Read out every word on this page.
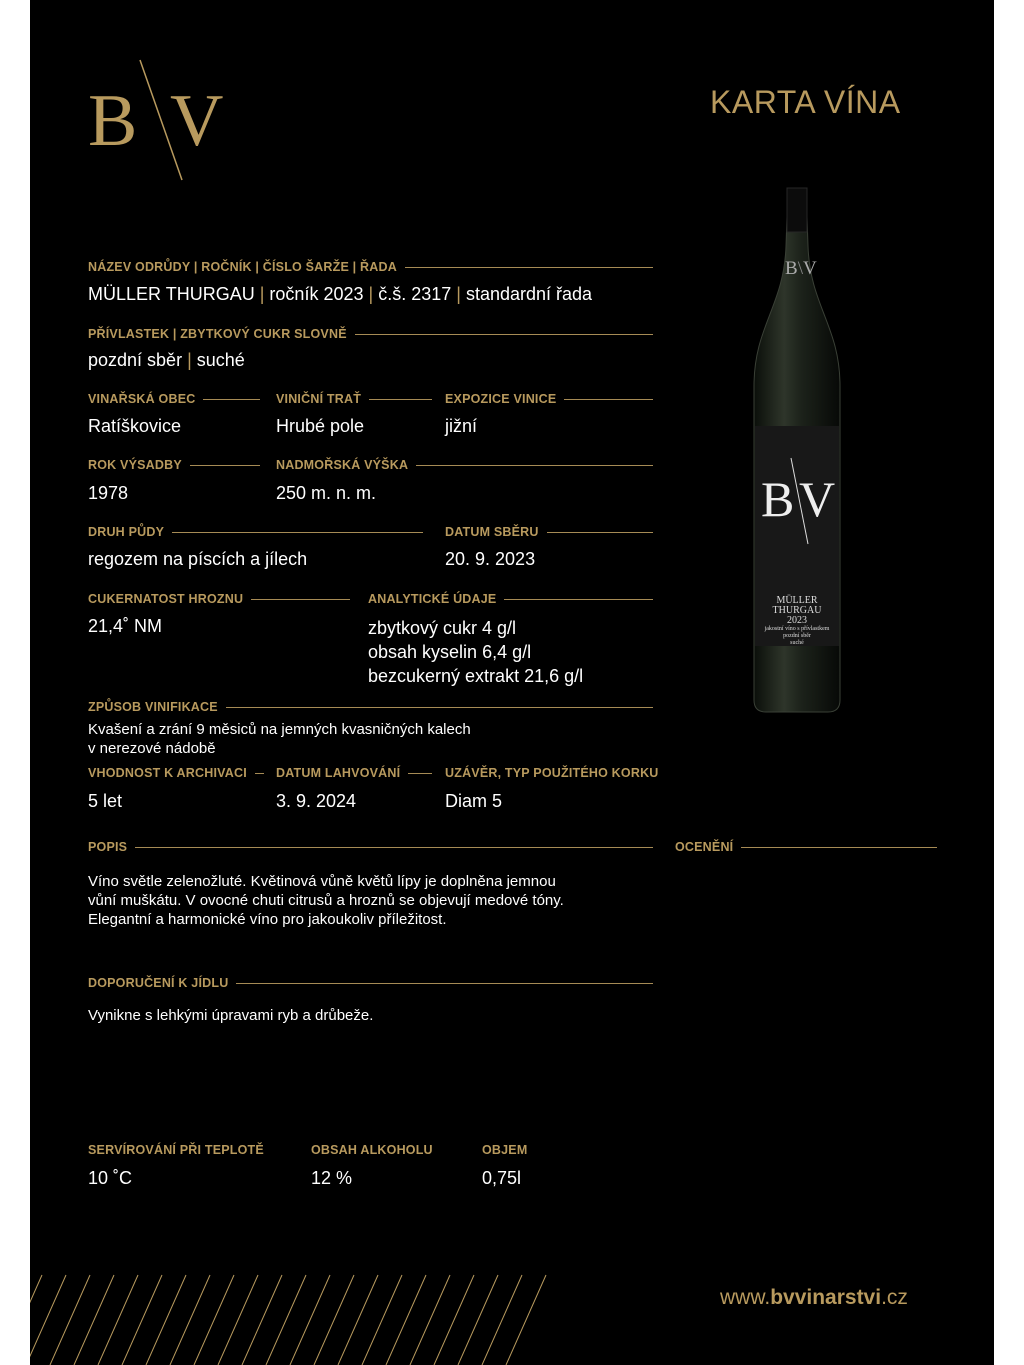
B V	KARTA VÍNA
NÁZEV ODRŮDY | ROČNÍK | ČÍSLO ŠARŽE | ŘADA
MÜLLER THURGAU | ročník 2023 | č.š. 2317 | standardní řada
PŘÍVLASTEK | ZBYTKOVÝ CUKR SLOVNĚ
pozdní sběr | suché
VINAŘSKÁ OBEC
Ratíškovice
VINIČNÍ TRAŤ
Hrubé pole
EXPOZICE VINICE
jižní
ROK VÝSADBY
1978
NADMOŘSKÁ VÝŠKA
250 m. n. m.
DRUH PŮDY
regozem na píscích a jílech
DATUM SBĚRU
20. 9. 2023
CUKERNATOST HROZNU
21,4˚ NM
ANALYTICKÉ ÚDAJE
zbytkový cukr 4 g/l
obsah kyselin 6,4 g/l
bezcukerný extrakt 21,6 g/l
ZPŮSOB VINIFIKACE
Kvašení a zrání 9 měsiců na jemných kvasničných kalech
v nerezové nádobě
VHODNOST K ARCHIVACI
5 let
DATUM LAHVOVÁNÍ
3. 9. 2024
UZÁVĚR, TYP POUŽITÉHO KORKU
Diam 5
POPIS	OCENĚNÍ
Víno světle zelenožluté. Květinová vůně květů lípy je doplněna jemnou
vůní muškátu. V ovocné chuti citrusů a hroznů se objevují medové tóny.
Elegantní a harmonické víno pro jakoukoliv příležitost.
DOPORUČENÍ K JÍDLU
Vynikne s lehkými úpravami ryb a drůbeže.
SERVÍROVÁNÍ PŘI TEPLOTĚ
10 ˚C
OBSAH ALKOHOLU
12 %
OBJEM
0,75l
B\V
B V
MÜLLER THURGAU
2023
jakostní víno s přívlastkem
pozdní sběr
suché
www.bvvinarstvi.cz
